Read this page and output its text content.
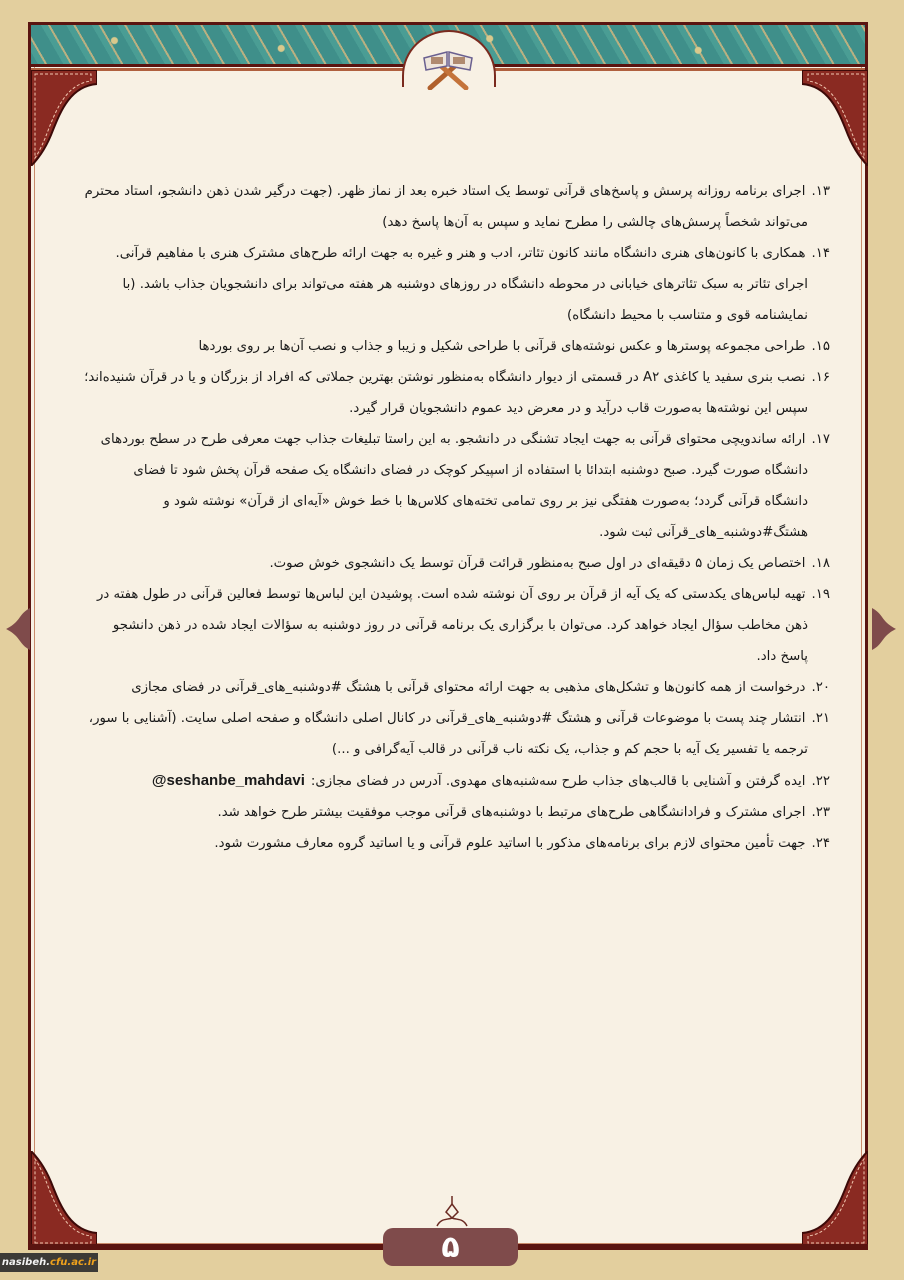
۵
nasibeh. cfu.ac.ir
۱۳.اجرای برنامه روزانه پرسش و پاسخ‌های قرآنی توسط یک استاد خبره بعد از نماز ظهر. (جهت درگیر شدن ذهن دانشجو، استاد محترم
می‌تواند شخصاً پرسش‌های چالشی را مطرح نماید و سپس به آن‌ها پاسخ دهد)
۱۴.همکاری با کانون‌های هنری دانشگاه مانند کانون تئاتر، ادب و هنر و غیره به جهت ارائه طرح‌های مشترک هنری با مفاهیم قرآنی.
اجرای تئاتر به سبک تئاترهای خیابانی در محوطه دانشگاه در روزهای دوشنبه هر هفته می‌تواند برای دانشجویان جذاب باشد. (با
نمایشنامه قوی و متناسب با محیط دانشگاه)
۱۵.طراحی مجموعه پوسترها و عکس نوشته‌های قرآنی با طراحی شکیل و زیبا و جذاب و نصب آن‌ها بر روی بوردها
۱۶.نصب بنری سفید یا کاغذی A۲ در قسمتی از دیوار دانشگاه به‌منظور نوشتن بهترین جملاتی که افراد از بزرگان و یا در قرآن شنیده‌اند؛
سپس این نوشته‌ها به‌صورت قاب درآید و در معرض دید عموم دانشجویان قرار گیرد.
۱۷.ارائه ساندویچی محتوای قرآنی به جهت ایجاد تشنگی در دانشجو. به این راستا تبلیغات جذاب جهت معرفی طرح در سطح بوردهای
دانشگاه صورت گیرد. صبح دوشنبه ابتدائا با استفاده از اسپیکر کوچک در فضای دانشگاه یک صفحه قرآن پخش شود تا فضای
دانشگاه قرآنی گردد؛ به‌صورت هفتگی نیز بر روی تمامی تخته‌های کلاس‌ها با خط خوش «آیه‌ای از قرآن» نوشته شود و
هشتگ#دوشنبه_های_قرآنی ثبت شود.
۱۸.اختصاص یک زمان ۵ دقیقه‌ای در اول صبح به‌منظور قرائت قرآن توسط یک دانشجوی خوش صوت.
۱۹.تهیه لباس‌های یکدستی که یک آیه از قرآن بر روی آن نوشته شده است. پوشیدن این لباس‌ها توسط فعالین قرآنی در طول هفته در
ذهن مخاطب سؤال ایجاد خواهد کرد. می‌توان با برگزاری یک برنامه قرآنی در روز دوشنبه به سؤالات ایجاد شده در ذهن دانشجو
پاسخ داد.
۲۰.درخواست از همه کانون‌ها و تشکل‌های مذهبی به جهت ارائه محتوای قرآنی با هشتگ #دوشنبه_های_قرآنی در فضای مجازی
۲۱.انتشار چند پست با موضوعات قرآنی و هشتگ #دوشنبه_های_قرآنی در کانال اصلی دانشگاه و صفحه اصلی سایت. (آشنایی با سور،
ترجمه یا تفسیر یک آیه با حجم کم و جذاب، یک نکته ناب قرآنی در قالب آیه‌گرافی و ...)
۲۲.ایده گرفتن و آشنایی با قالب‌های جذاب طرح سه‌شنبه‌های مهدوی. آدرس در فضای مجازی:@seshanbe_mahdavi
۲۳.اجرای مشترک و فرادانشگاهی طرح‌های مرتبط با دوشنبه‌های قرآنی موجب موفقیت بیشتر طرح خواهد شد.
۲۴.جهت تأمین محتوای لازم برای برنامه‌های مذکور با اساتید علوم قرآنی و یا اساتید گروه معارف مشورت شود.
